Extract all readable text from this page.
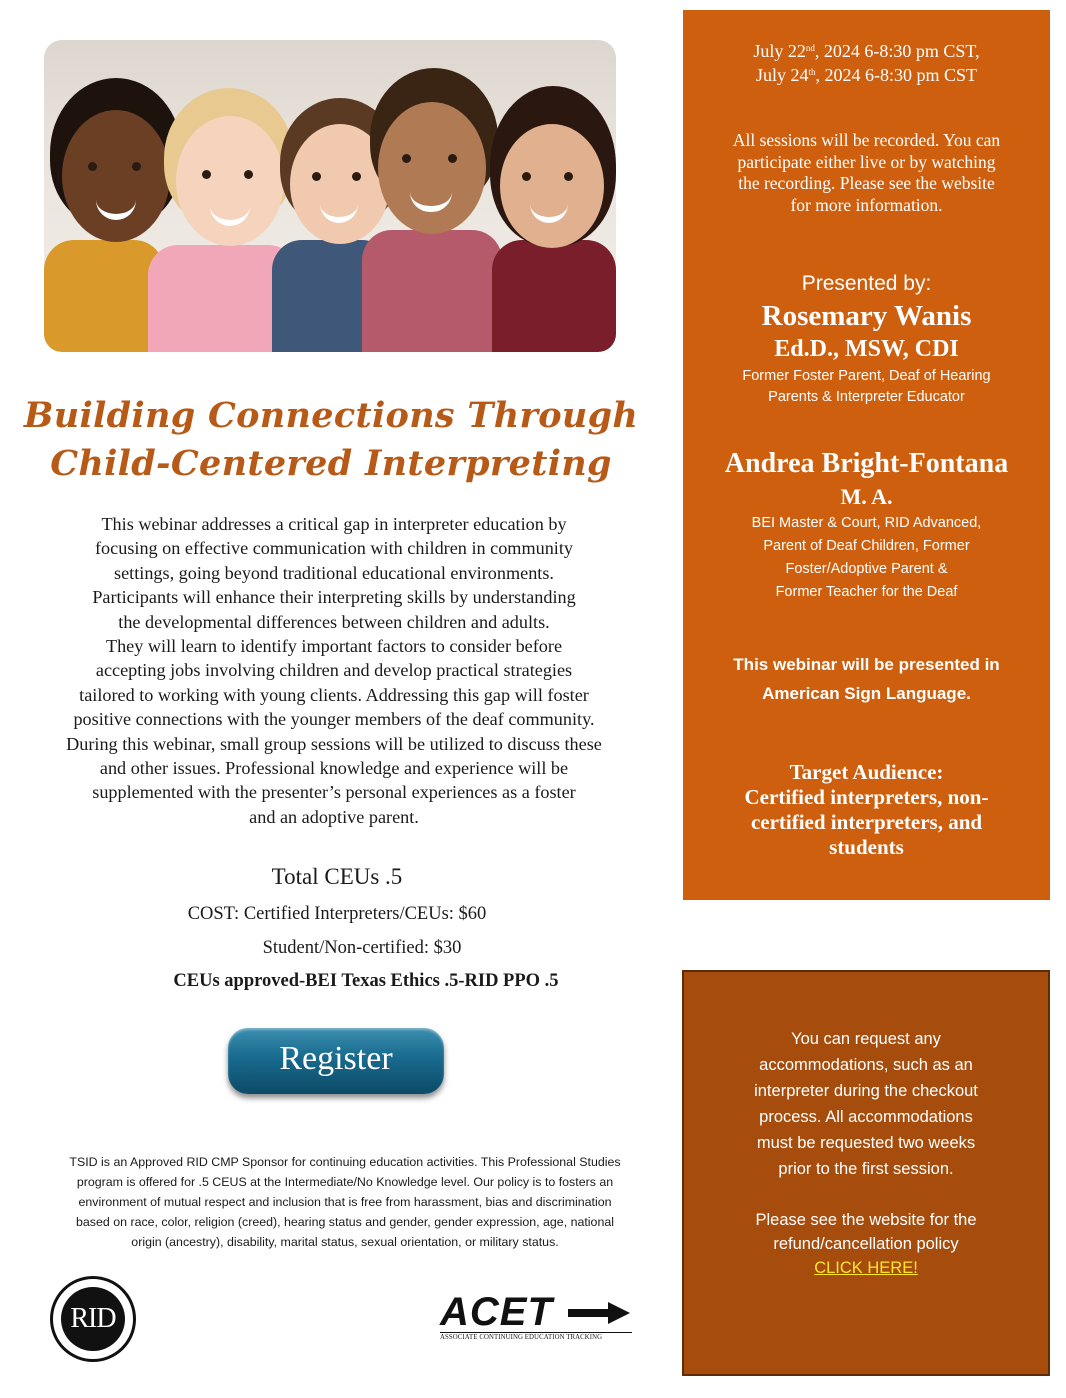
Building Connections Through
Child-Centered Interpreting
This webinar addresses a critical gap in interpreter education by
focusing on effective communication with children in community
settings, going beyond traditional educational environments.
Participants will enhance their interpreting skills by understanding
the developmental differences between children and adults.
They will learn to identify important factors to consider before
accepting jobs involving children and develop practical strategies
tailored to working with young clients. Addressing this gap will foster
positive connections with the younger members of the deaf community.
During this webinar, small group sessions will be utilized to discuss these
and other issues. Professional knowledge and experience will be
supplemented with the presenter’s personal experiences as a foster
and an adoptive parent.
Total CEUs .5
COST: Certified Interpreters/CEUs: $60
Student/Non-certified: $30
CEUs approved-BEI Texas Ethics .5-RID PPO .5
Register
TSID is an Approved RID CMP Sponsor for continuing education activities. This Professional Studies
program is offered for .5 CEUS at the Intermediate/No Knowledge level. Our policy is to fosters an
environment of mutual respect and inclusion that is free from harassment, bias and discrimination
based on race, color, religion (creed), hearing status and gender, gender expression, age, national
origin (ancestry), disability, marital status, sexual orientation, or military status.
RID	ACET
ASSOCIATE CONTINUING EDUCATION TRACKING
July 22nd, 2024 6-8:30 pm CST,
July 24th, 2024 6-8:30 pm CST
All sessions will be recorded. You can
participate either live or by watching
the recording. Please see the website
for more information.
Presented by:
Rosemary Wanis
Ed.D., MSW, CDI
Former Foster Parent, Deaf of Hearing
Parents & Interpreter Educator
Andrea Bright-Fontana
M. A.
BEI Master & Court, RID Advanced,
Parent of Deaf Children, Former
Foster/Adoptive Parent &
Former Teacher for the Deaf
This webinar will be presented in
American Sign Language.
Target Audience:
Certified interpreters, non-
certified interpreters, and
students
You can request any
accommodations, such as an
interpreter during the checkout
process. All accommodations
must be requested two weeks
prior to the first session.
Please see the website for the
refund/cancellation policy
CLICK HERE!
